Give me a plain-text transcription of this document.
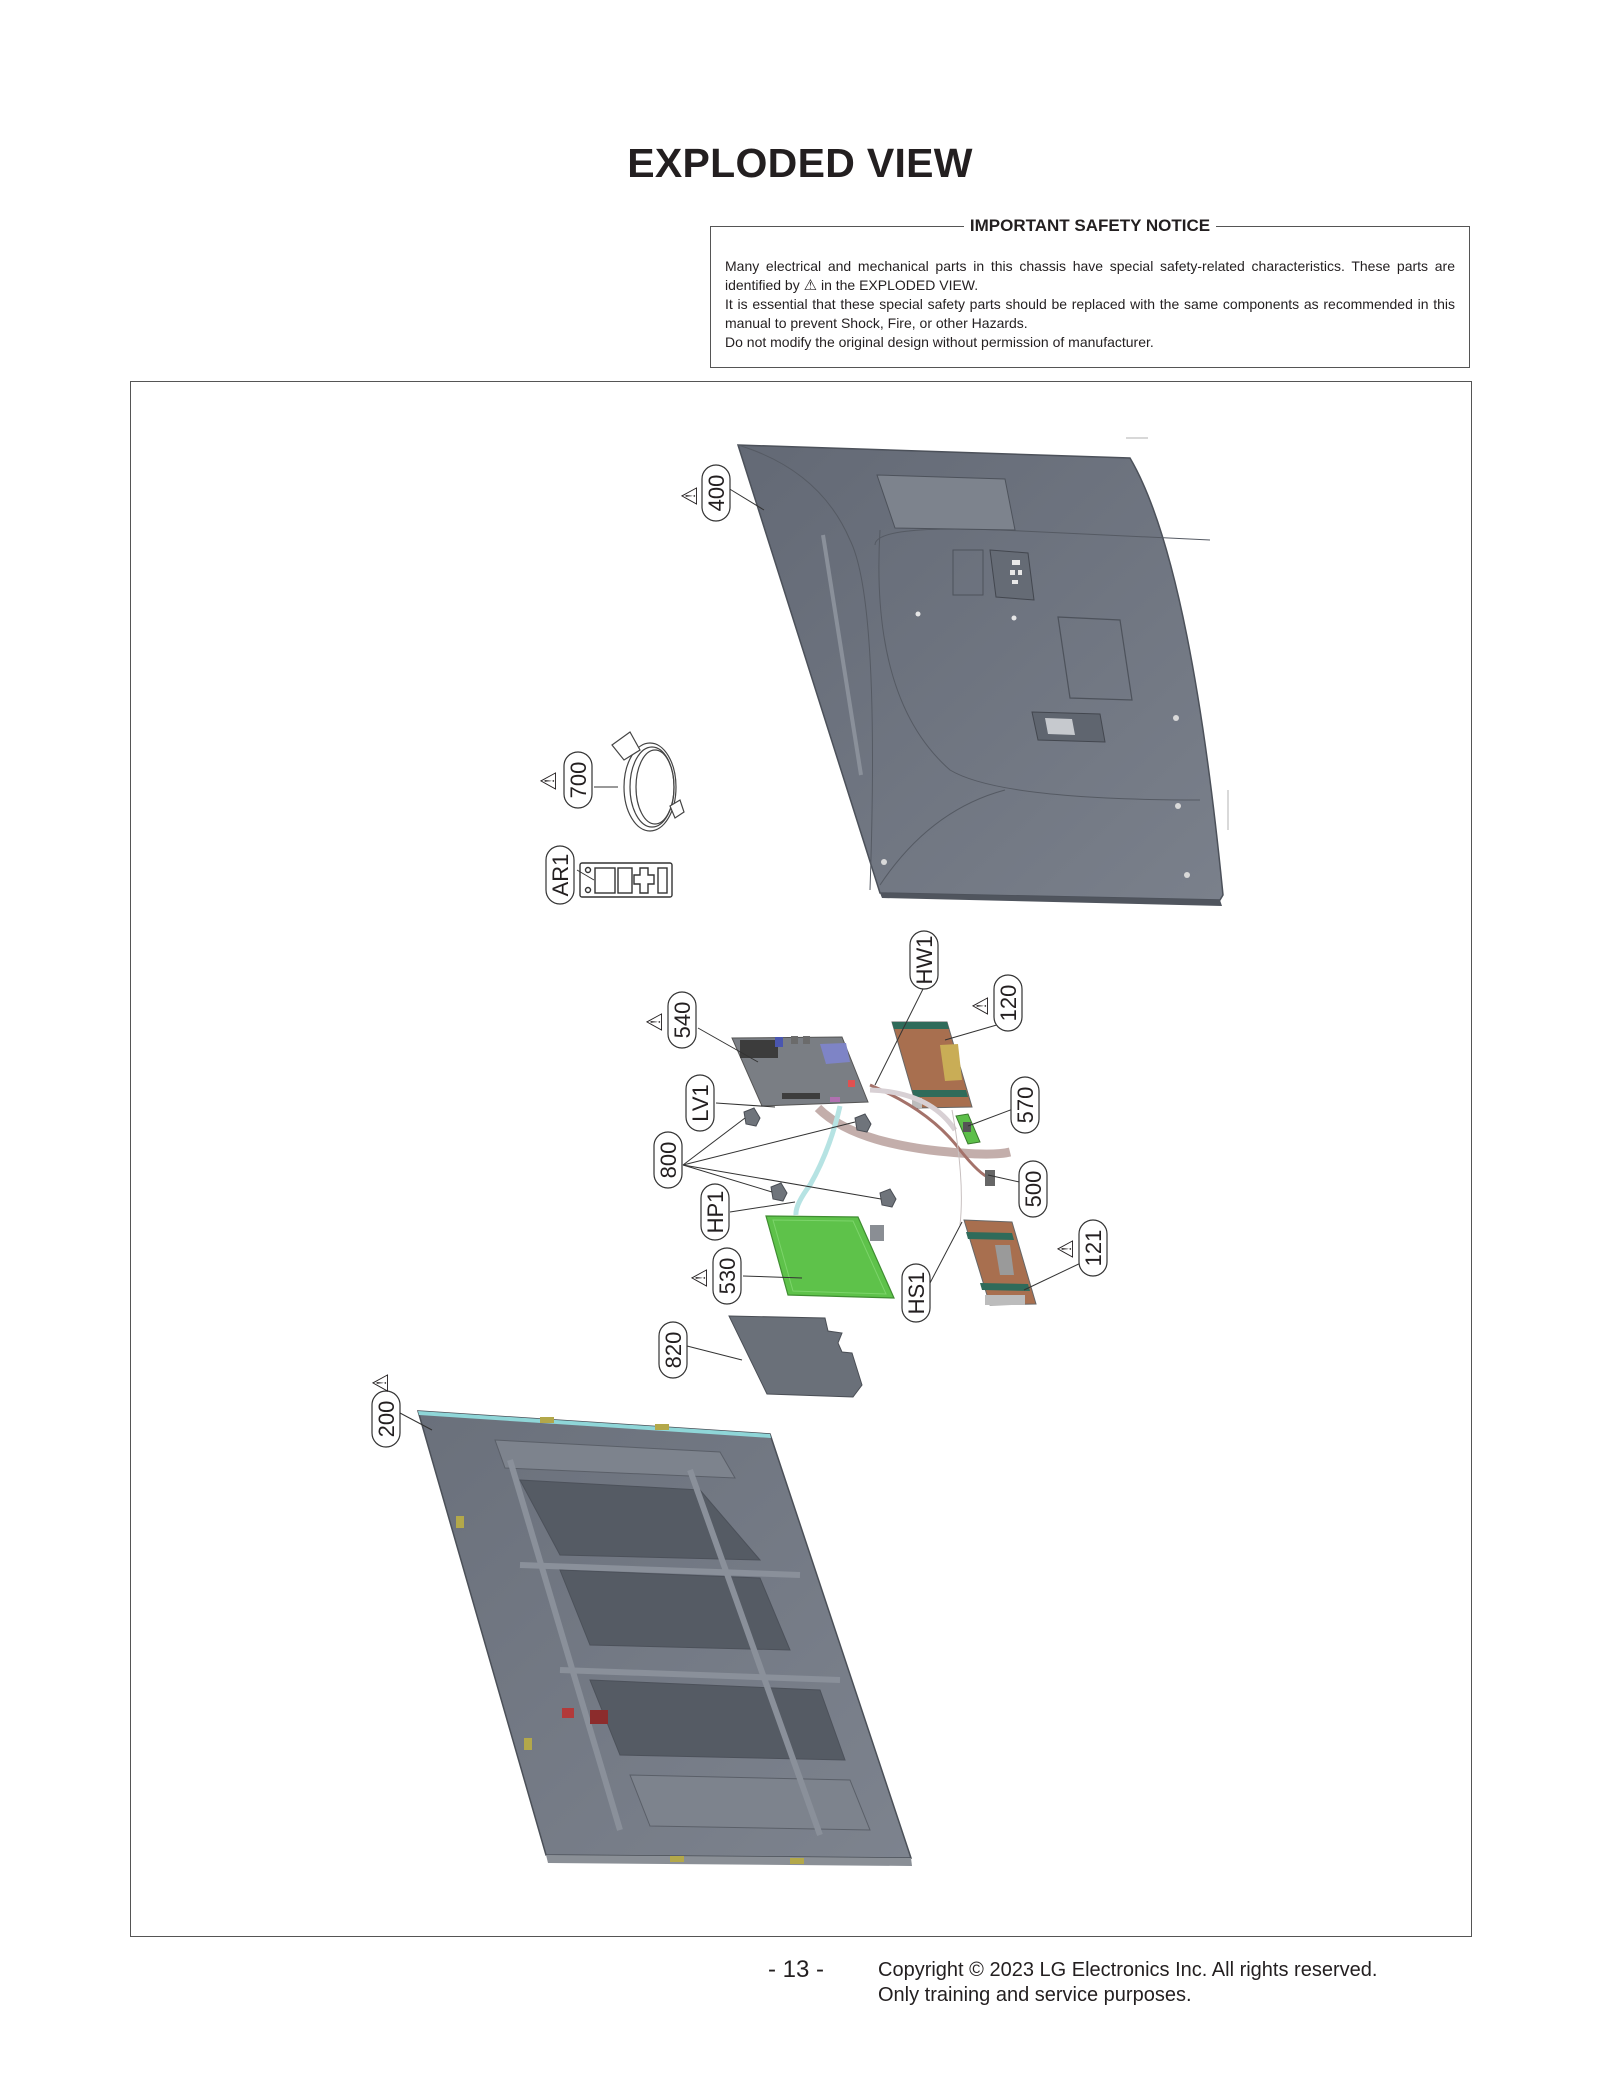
EXPLODED VIEW
IMPORTANT SAFETY NOTICE

Many electrical and mechanical parts in this chassis have special safety-related characteristics. These parts are identified by ⚠ in the EXPLODED VIEW.

It is essential that these special safety parts should be replaced with the same components as recommended in this manual to prevent Shock, Fire, or other Hazards.

Do not modify the original design without permission of manufacturer.

400
⚠
700
⚠
AR1
HW1
540
⚠
120
⚠
LV1	570
800
500
HP1
121
⚠
530
⚠	HS1
820
200
⚠
- 13 -	Copyright © 2023 LG Electronics Inc. All rights reserved.
Only training and service purposes.
